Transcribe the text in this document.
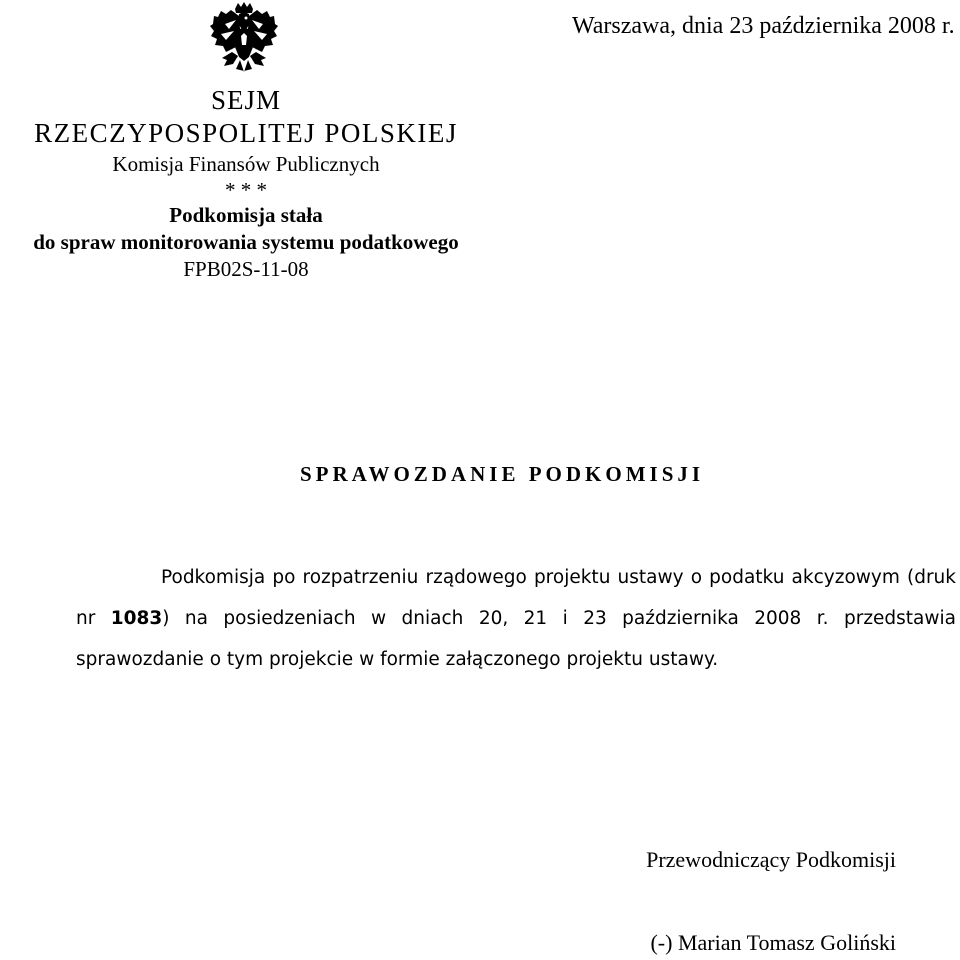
Warszawa, dnia 23 października 2008 r.
SEJM
RZECZYPOSPOLITEJ POLSKIEJ
Komisja Finansów Publicznych
* * *
Podkomisja stała
do spraw monitorowania systemu podatkowego
FPB02S-11-08
SPRAWOZDANIE PODKOMISJI

Podkomisja po rozpatrzeniu rządowego projektu ustawy o podatku akcyzowym (druk nr 1083) na posiedzeniach w dniach 20, 21 i 23 października 2008 r. przedstawia sprawozdanie o tym projekcie w formie załączonego projektu ustawy.

Przewodniczący Podkomisji
(-) Marian Tomasz Goliński
